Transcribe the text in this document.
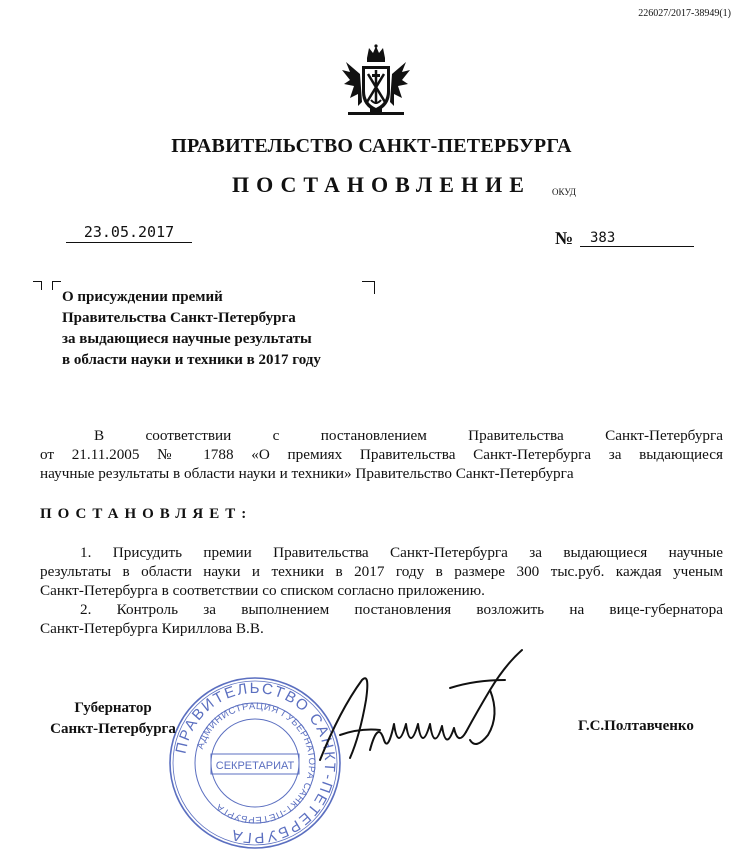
226027/2017-38949(1)
ПРАВИТЕЛЬСТВО САНКТ-ПЕТЕРБУРГА
ПОСТАНОВЛЕНИЕ ОКУД
23.05.2017	№	383
О присуждении премий
Правительства Санкт-Петербурга
за выдающиеся научные результаты
в области науки и техники в 2017 году
В соответствии с постановлением Правительства Санкт-Петербурга
от 21.11.2005 № 1788 «О премиях Правительства Санкт-Петербурга за выдающиеся
научные результаты в области науки и техники» Правительство Санкт-Петербурга
ПОСТАНОВЛЯЕТ:
1. Присудить премии Правительства Санкт-Петербурга за выдающиеся научные
результаты в области науки и техники в 2017 году в размере 300 тыс.руб. каждая ученым
Санкт-Петербурга в соответствии со списком согласно приложению.
2. Контроль за выполнением постановления возложить на вице-губернатора
Санкт-Петербурга Кириллова В.В.
ПРАВИТЕЛЬСТВО САНКТ-ПЕТЕРБУРГА
АДМИНИСТРАЦИЯ ГУБЕРНАТОРА САНКТ-ПЕТЕРБУРГА
СЕКРЕТАРИАТ
Губернатор
Санкт-Петербурга	Г.С.Полтавченко
